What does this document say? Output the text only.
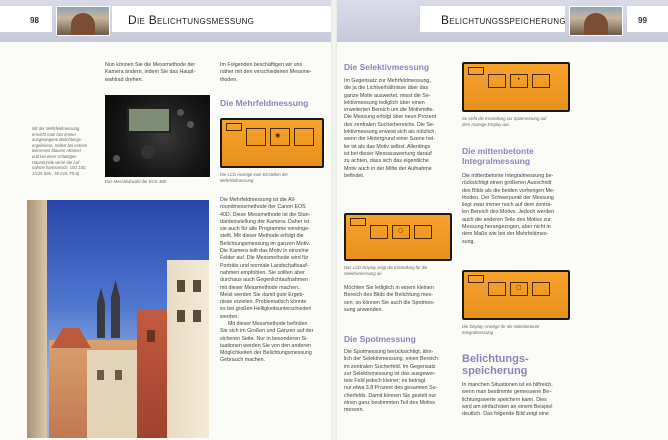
98	Die Belichtungsmessung	Belichtungsspeicherung	99
Nun können Sie die Messmethode der
Kamera ändern, indem Sie das Haupt-
wahlrad drehen.
Mit der Mehrfeldmessung
erreicht man fast immer
ausgewogene Belichtungs-
ergebnisse. Selbst bei extrem
leteresem blauem Himmel
und bei einer schattigen
Häuserzeile wirrie die Auf-
nahme harmonisch. ISO 100,
1/125 Sek., 50 mm, F5,6)
Das Messfeldrwahl der EOS 40D
Im Folgenden beschäftigen wir uns
näher mit den verschiedenen Messme-
thoden.
Die Mehrfeldmessung
◉
Die LCD-Anzeige zum Einstellen der
Mehrfeldmessung
Die Mehrfeldmessung ist die All-
roundmessmethode der Canon EOS
40D. Diese Messmethode ist die Stan-
dardeinstellung der Kamera. Daher ist
sie auch für alle Programme voreinge-
stellt. Mit dieser Methode erfolgt die
Belichtungsmessung im ganzen Motiv.
Die Kamera teilt das Motiv in einzelne
Felder auf. Die Messmethode wird für
Porträts und normale Landschaftsauf-
nahmen empfohlen. Sie sollten aber
durchaus auch Gegenlichtaufnahmen
mit dieser Messmethode machen.
Meist werden Sie damit gute Ergeb-
nisse erzielen. Problematisch könnte
es bei großen Helligkeitsunterschieden
werden.
Mit dieser Messmethode befinden
Sie sich im Großen und Ganzen auf der
sicheren Seite. Nur in besonderen Si-
tuationen werden Sie von den anderen
Möglichkeiten der Belichtungsmessung
Gebrauch machen.
Die Selektivmessung
Im Gegensatz zur Mehrfeldmessung,
die ja die Lichtverhältnisse über das
ganze Motiv auswertet, misst die Se-
lektivmessung lediglich über einen
erweiterten Bereich um die Motivmitte.
Die Messung erfolgt über neun Prozent
des zentralen Sucherbereichs. Die Se-
lektivmessung erweist sich als nützlich,
wenn der Hintergrund einer Szene hel-
ler ist als das Motiv selbst. Allerdings
ist bei dieser Messauswertung darauf
zu achten, dass sich das eigentliche
Motiv auch in der Mitte der Aufnahme
befindet.
○
Das LCD-Display zeigt die Einstellung für die
Selektivmessung an
Möchten Sie lediglich in einem kleinen
Bereich des Bilds die Belichtung mes-
sen, so können Sie auch die Spotmes-
sung anwenden.
Die Spotmessung
Die Spotmessung berücksichtigt, ähn-
lich der Selektivmessung, einen Bereich
im zentralen Sucherfeld. Im Gegensatz
zur Selektivmessung ist das ausgewer-
tete Feld jedoch kleiner; es beträgt
nur etwa 3,8 Prozent des gesamten Su-
cherfelds. Damit können Sie gezielt nur
einen ganz bestimmten Teil des Motivs
messen.
•
So sieht die Einstellung zur Spotmessung auf
dem Anzeige-Display aus
Die mittenbetonte
Integralmessung
Die mittenbetonte Integralmessung be-
rücksichtigt einen größeren Ausschnitt
des Bilds als die beiden vorherigen Me-
thoden. Der Schwerpunkt der Messung
liegt zwar immer noch auf dem zentra-
len Bereich des Motivs. Jedoch werden
auch die anderen Teile des Motivs zur
Messung herangezogen, aber nicht in
dem Maße wie bei der Mehrfeldmes-
sung.
▢
Die Display-Anzeige für die mittenbetonte
Integralmessung
Belichtungs-
speicherung
In manchen Situationen ist es hilfreich,
wenn man bestimmte gemessene Be-
lichtungswerte speichern kann. Dies
wird am einfachsten an einem Beispiel
deutlich. Das folgende Bild zeigt eine
